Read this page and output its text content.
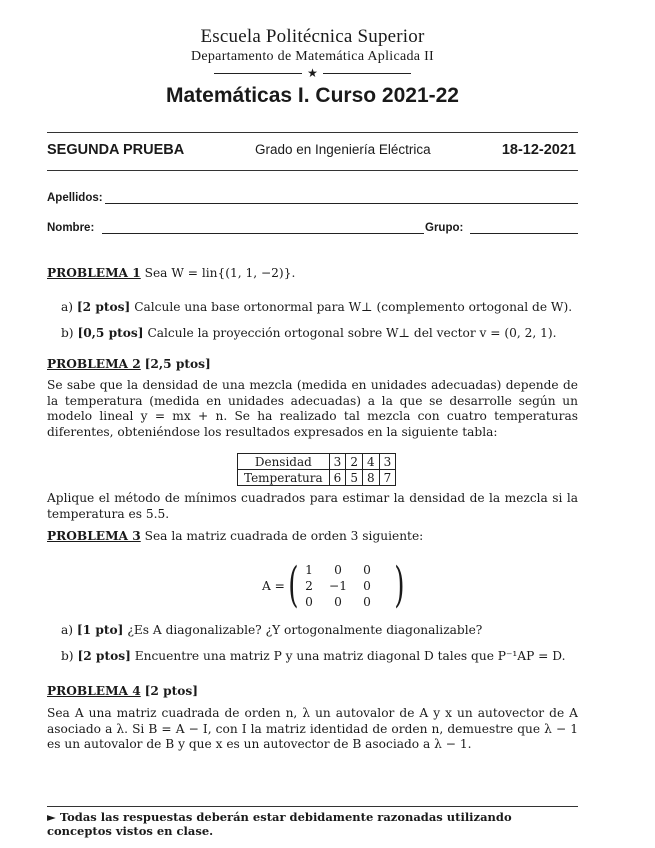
Escuela Politécnica Superior
Departamento de Matemática Aplicada II
★
Matemáticas I. Curso 2021-22
SEGUNDA PRUEBA	Grado en Ingeniería Eléctrica	18-12-2021
Apellidos:
Nombre:	Grupo:
PROBLEMA 1 Sea W = lin{(1, 1, −2)}.
a) [2 ptos] Calcule una base ortonormal para W⊥ (complemento ortogonal de W).
b) [0,5 ptos] Calcule la proyección ortogonal sobre W⊥ del vector v = (0, 2, 1).
PROBLEMA 2 [2,5 ptos]
Se sabe que la densidad de una mezcla (medida en unidades adecuadas) depende de la temperatura (medida en unidades adecuadas) a la que se desarrolle según un modelo lineal y = mx + n. Se ha realizado tal mezcla con cuatro temperaturas diferentes, obteniéndose los resultados expresados en la siguiente tabla:
Densidad	3	2	4	3
Temperatura	6	5	8	7
Aplique el método de mínimos cuadrados para estimar la densidad de la mezcla si la temperatura es 5.5.
PROBLEMA 3 Sea la matriz cuadrada de orden 3 siguiente:
A = ( 1	0	0
2	−1	0
0	0	0 )
a) [1 pto] ¿Es A diagonalizable? ¿Y ortogonalmente diagonalizable?
b) [2 ptos] Encuentre una matriz P y una matriz diagonal D tales que P⁻¹AP = D.
PROBLEMA 4 [2 ptos]
Sea A una matriz cuadrada de orden n, λ un autovalor de A y x un autovector de A asociado a λ. Si B = A − I, con I la matriz identidad de orden n, demuestre que λ − 1 es un autovalor de B y que x es un autovector de B asociado a λ − 1.
► Todas las respuestas deberán estar debidamente razonadas utilizando conceptos vistos en clase.
